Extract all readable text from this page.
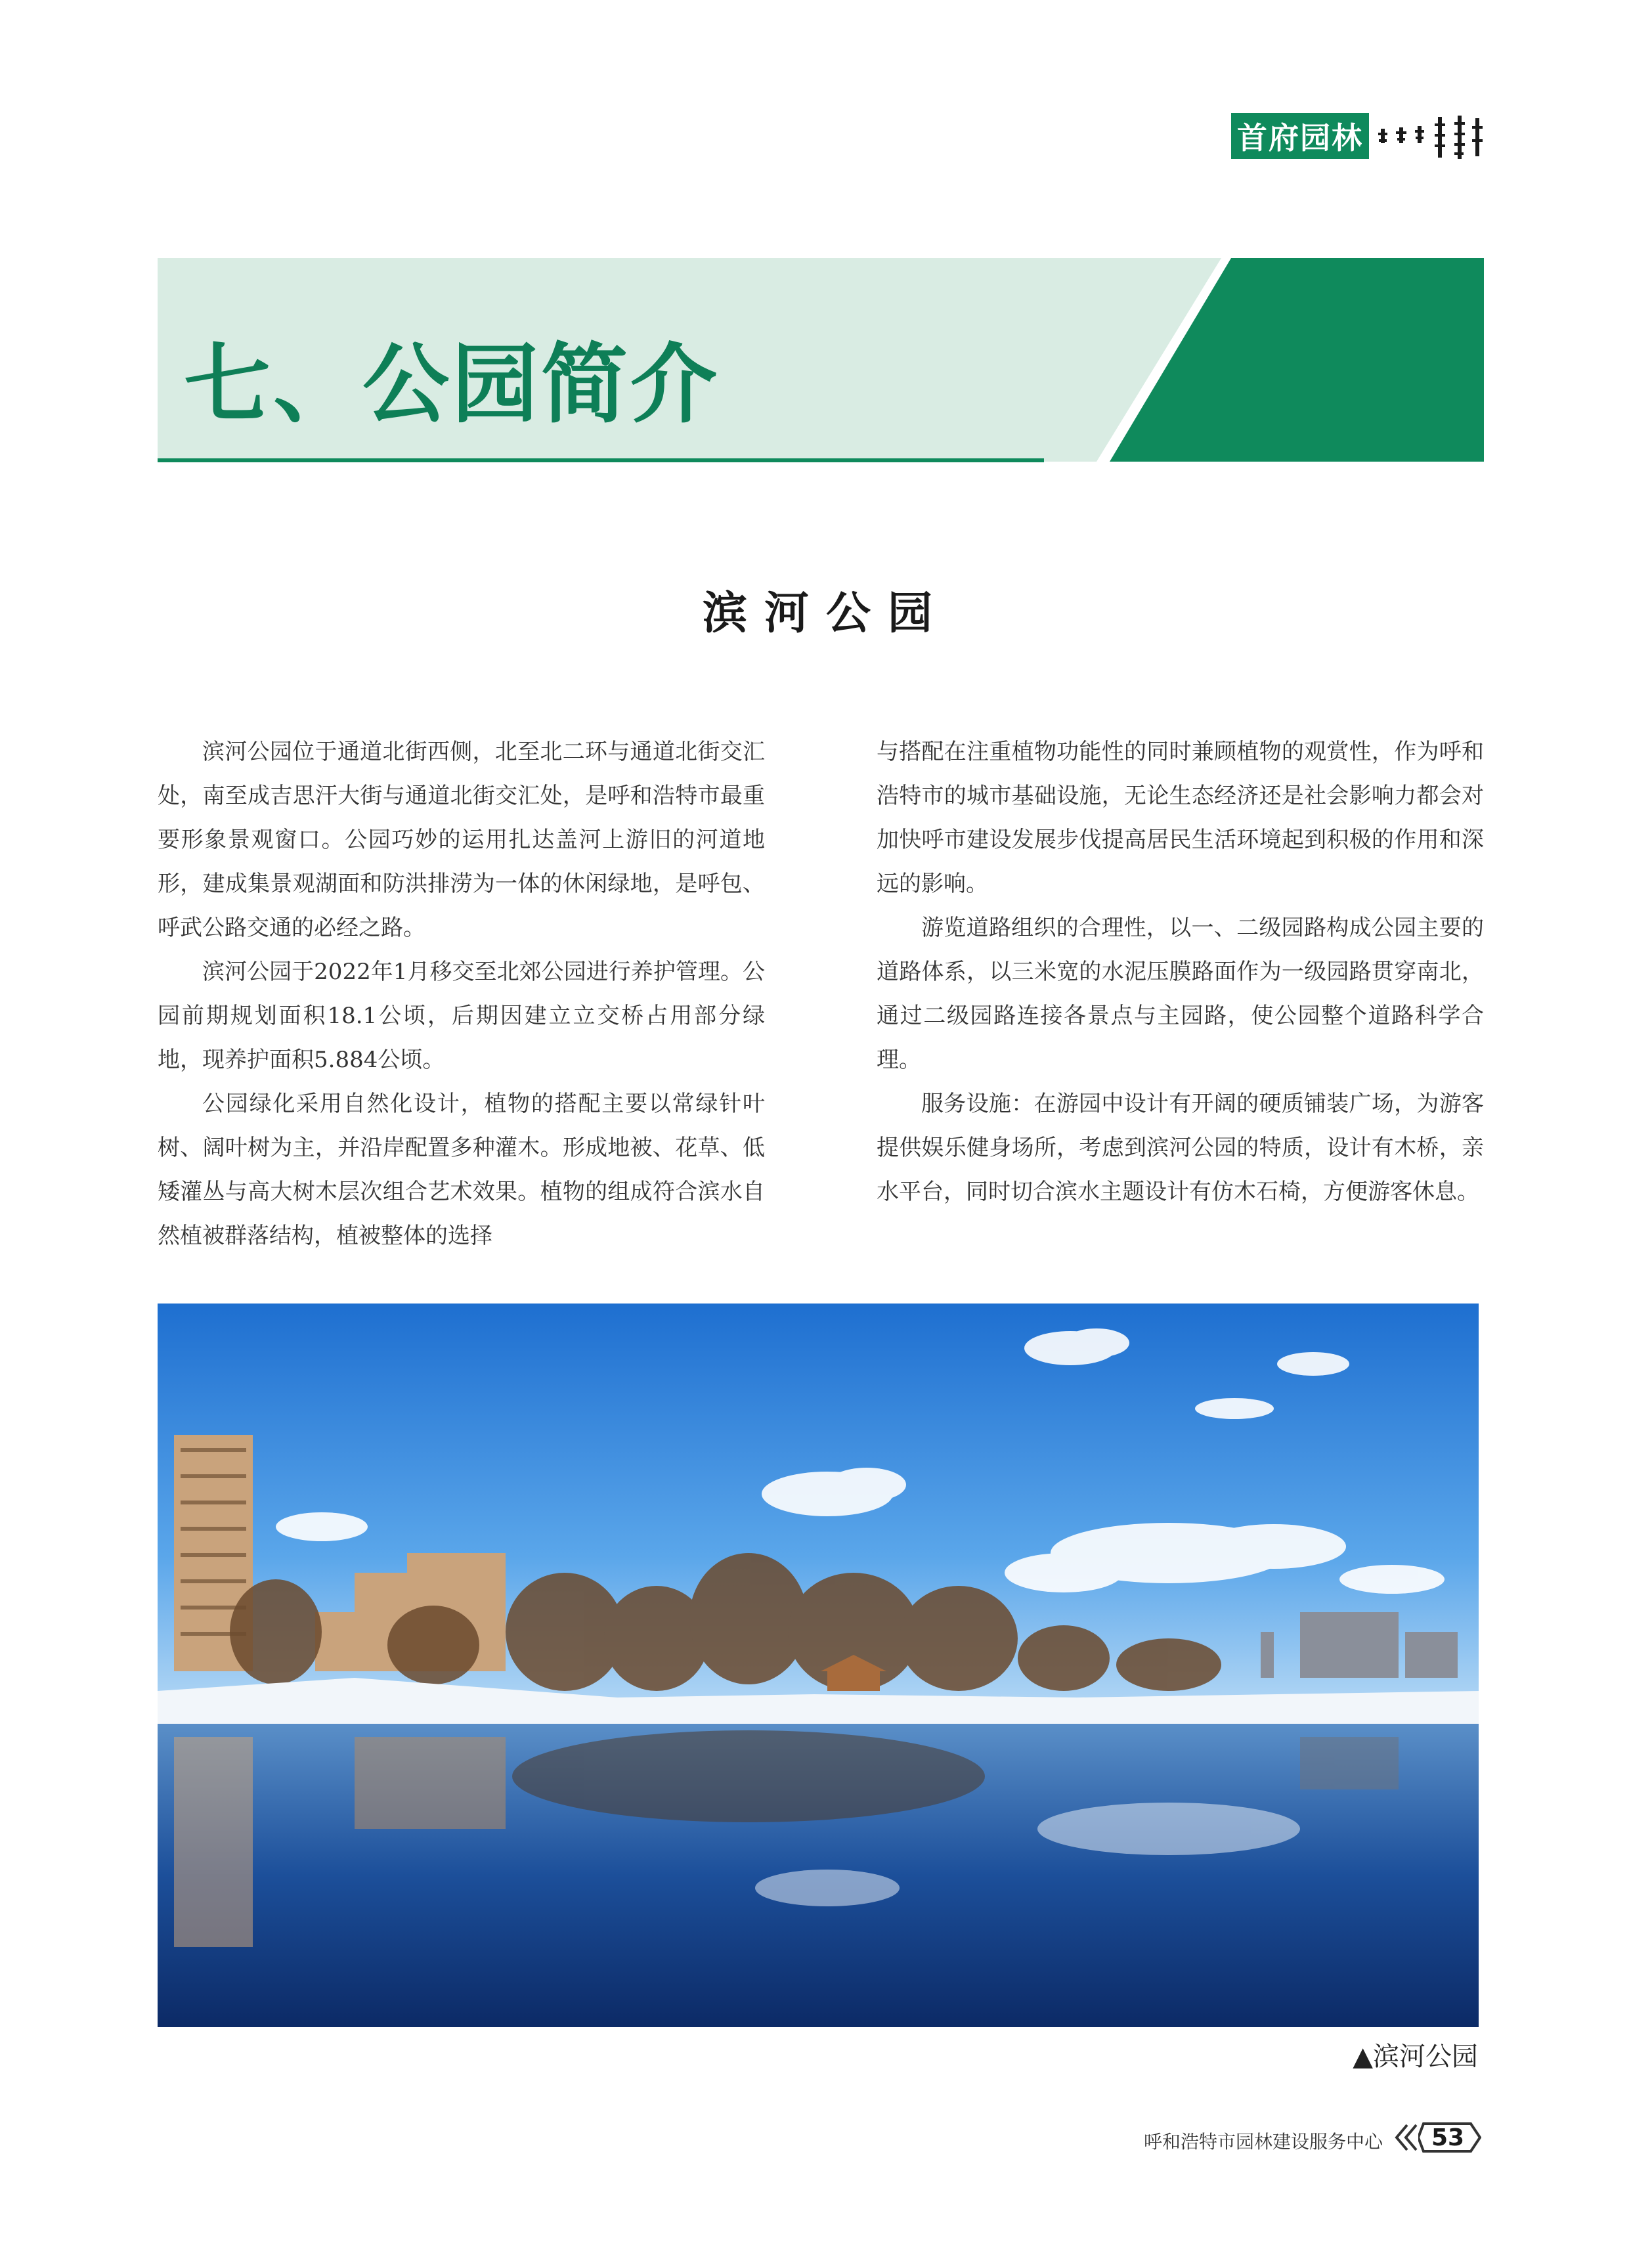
首府园林
七、公园简介
滨河公园

滨河公园位于通道北街西侧，北至北二环与通道北街交汇处，南至成吉思汗大街与通道北街交汇处，是呼和浩特市最重要形象景观窗口。公园巧妙的运用扎达盖河上游旧的河道地形，建成集景观湖面和防洪排涝为一体的休闲绿地，是呼包、呼武公路交通的必经之路。

滨河公园于2022年1月移交至北郊公园进行养护管理。公园前期规划面积18.1公顷，后期因建立立交桥占用部分绿地，现养护面积5.884公顷。

公园绿化采用自然化设计，植物的搭配主要以常绿针叶树、阔叶树为主，并沿岸配置多种灌木。形成地被、花草、低矮灌丛与高大树木层次组合艺术效果。植物的组成符合滨水自然植被群落结构，植被整体的选择

与搭配在注重植物功能性的同时兼顾植物的观赏性，作为呼和浩特市的城市基础设施，无论生态经济还是社会影响力都会对加快呼市建设发展步伐提高居民生活环境起到积极的作用和深远的影响。

游览道路组织的合理性，以一、二级园路构成公园主要的道路体系，以三米宽的水泥压膜路面作为一级园路贯穿南北，通过二级园路连接各景点与主园路，使公园整个道路科学合理。

服务设施：在游园中设计有开阔的硬质铺装广场，为游客提供娱乐健身场所，考虑到滨河公园的特质，设计有木桥，亲水平台，同时切合滨水主题设计有仿木石椅，方便游客休息。

▲滨河公园
呼和浩特市园林建设服务中心	53
